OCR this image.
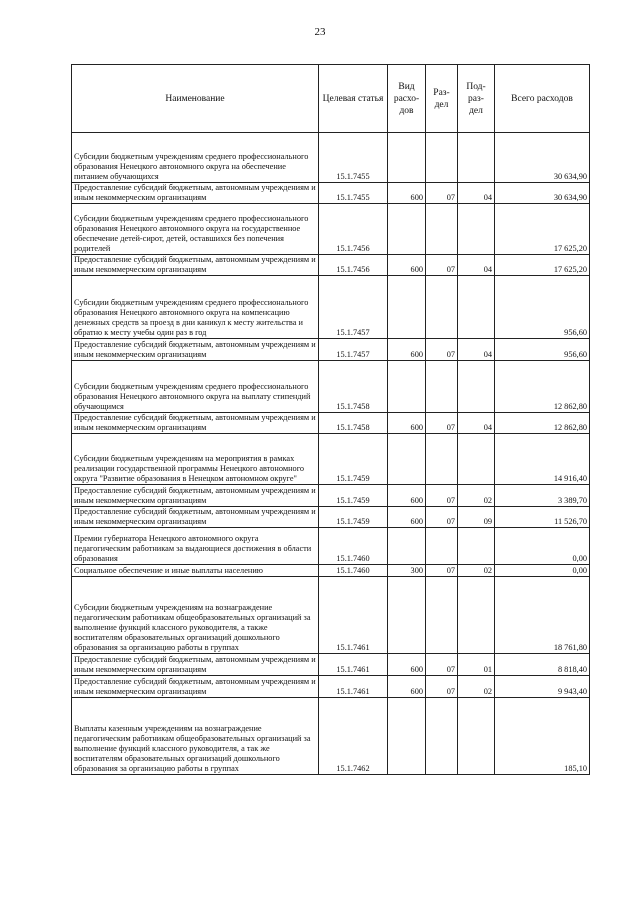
23
Наименование	Целевая статья	Вид расхо- дов	Раз- дел	Под- раз- дел	Всего расходов
Субсидии бюджетным учреждениям среднего профессионального образования Ненецкого автономного округа на обеспечение питанием обучающихся	15.1.7455				30 634,90
Предоставление субсидий бюджетным, автономным учреждениям и иным некоммерческим организациям	15.1.7455	600	07	04	30 634,90
Субсидии бюджетным учреждениям среднего профессионального образования Ненецкого автономного округа на государственное обеспечение детей-сирот, детей, оставшихся без попечения родителей	15.1.7456				17 625,20
Предоставление субсидий бюджетным, автономным учреждениям и иным некоммерческим организациям	15.1.7456	600	07	04	17 625,20
Субсидии бюджетным учреждениям среднего профессионального образования Ненецкого автономного округа на компенсацию денежных средств за проезд в дни каникул к месту жительства и обратно к месту учебы один раз в год	15.1.7457				956,60
Предоставление субсидий бюджетным, автономным учреждениям и иным некоммерческим организациям	15.1.7457	600	07	04	956,60
Субсидии бюджетным учреждениям среднего профессионального образования Ненецкого автономного округа на выплату стипендий обучающимся	15.1.7458				12 862,80
Предоставление субсидий бюджетным, автономным учреждениям и иным некоммерческим организациям	15.1.7458	600	07	04	12 862,80
Субсидии бюджетным учреждениям на мероприятия в рамках реализации государственной программы Ненецкого автономного округа "Развитие образования в Ненецком автономном округе"	15.1.7459				14 916,40
Предоставление субсидий бюджетным, автономным учреждениям и иным некоммерческим организациям	15.1.7459	600	07	02	3 389,70
Предоставление субсидий бюджетным, автономным учреждениям и иным некоммерческим организациям	15.1.7459	600	07	09	11 526,70
Премии губернатора Ненецкого автономного округа педагогическим работникам за выдающиеся достижения в области образования	15.1.7460				0,00
Социальное обеспечение и иные выплаты населению	15.1.7460	300	07	02	0,00
Субсидии бюджетным учреждениям на вознаграждение педагогическим работникам общеобразовательных организаций за выполнение функций классного руководителя, а также воспитателям образовательных организаций дошкольного образования за организацию работы в группах	15.1.7461				18 761,80
Предоставление субсидий бюджетным, автономным учреждениям и иным некоммерческим организациям	15.1.7461	600	07	01	8 818,40
Предоставление субсидий бюджетным, автономным учреждениям и иным некоммерческим организациям	15.1.7461	600	07	02	9 943,40
Выплаты казенным учреждениям на вознаграждение педагогическим работникам общеобразовательных организаций за выполнение функций классного руководителя, а так же воспитателям образовательных организаций дошкольного образования за организацию работы в группах	15.1.7462				185,10
